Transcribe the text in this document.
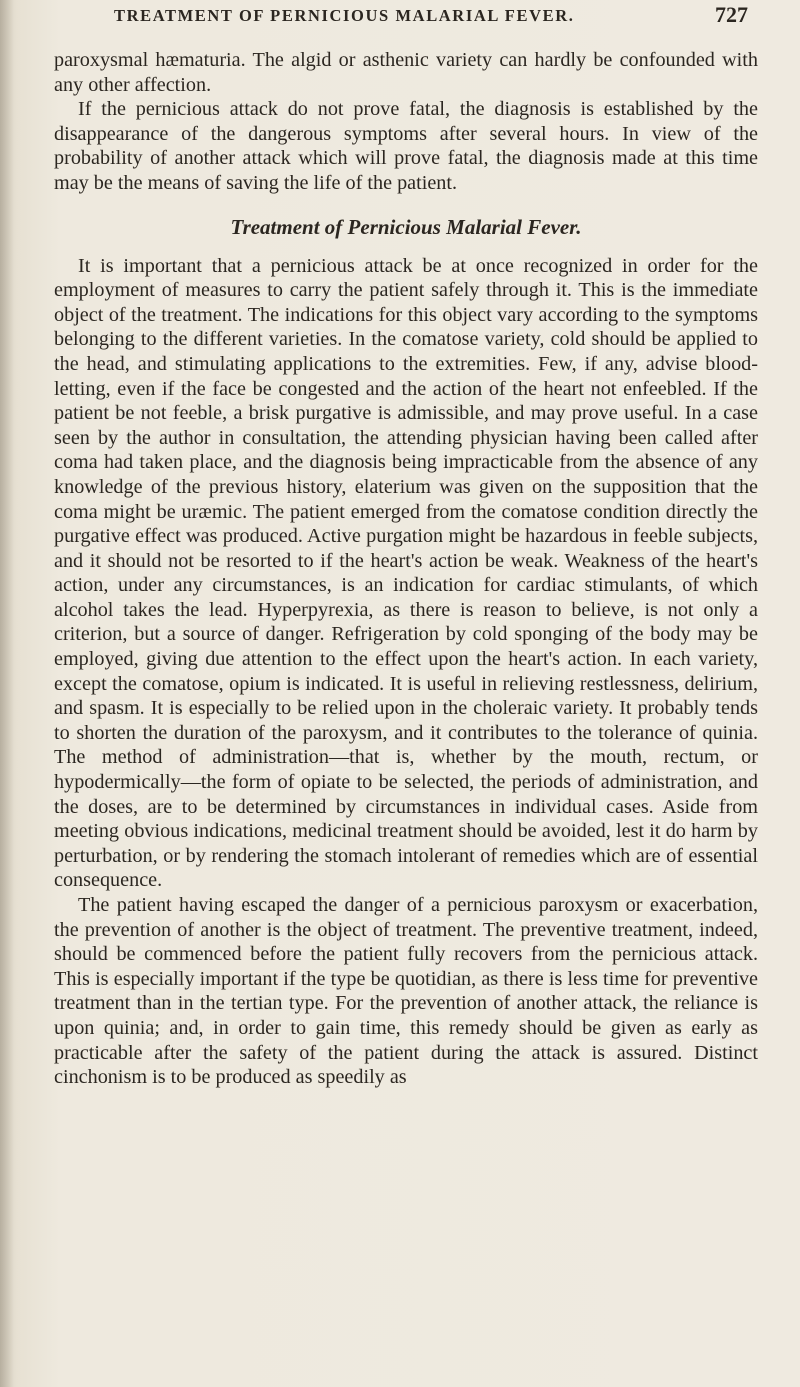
TREATMENT OF PERNICIOUS MALARIAL FEVER.	727

paroxysmal hæmaturia. The algid or asthenic variety can hardly be confounded with any other affection.

If the pernicious attack do not prove fatal, the diagnosis is established by the disappearance of the dangerous symptoms after several hours. In view of the probability of another attack which will prove fatal, the diagnosis made at this time may be the means of saving the life of the patient.

Treatment of Pernicious Malarial Fever.

It is important that a pernicious attack be at once recognized in order for the employment of measures to carry the patient safely through it. This is the immediate object of the treatment. The indications for this object vary according to the symptoms belonging to the different varieties. In the comatose variety, cold should be applied to the head, and stimulating applications to the extremities. Few, if any, advise blood-letting, even if the face be congested and the action of the heart not enfeebled. If the patient be not feeble, a brisk purgative is admissible, and may prove useful. In a case seen by the author in consultation, the attending physician having been called after coma had taken place, and the diagnosis being impracticable from the absence of any knowledge of the previous history, elaterium was given on the supposition that the coma might be uræmic. The patient emerged from the comatose condition directly the purgative effect was produced. Active purgation might be hazardous in feeble subjects, and it should not be resorted to if the heart's action be weak. Weakness of the heart's action, under any circumstances, is an indication for cardiac stimulants, of which alcohol takes the lead. Hyperpyrexia, as there is reason to believe, is not only a criterion, but a source of danger. Refrigeration by cold sponging of the body may be employed, giving due attention to the effect upon the heart's action. In each variety, except the comatose, opium is indicated. It is useful in relieving restlessness, delirium, and spasm. It is especially to be relied upon in the choleraic variety. It probably tends to shorten the duration of the paroxysm, and it contributes to the tolerance of quinia. The method of administration—that is, whether by the mouth, rectum, or hypodermically—the form of opiate to be selected, the periods of administration, and the doses, are to be determined by circumstances in individual cases. Aside from meeting obvious indications, medicinal treatment should be avoided, lest it do harm by perturbation, or by rendering the stomach intolerant of remedies which are of essential consequence.

The patient having escaped the danger of a pernicious paroxysm or exacerbation, the prevention of another is the object of treatment. The preventive treatment, indeed, should be commenced before the patient fully recovers from the pernicious attack. This is especially important if the type be quotidian, as there is less time for preventive treatment than in the tertian type. For the prevention of another attack, the reliance is upon quinia; and, in order to gain time, this remedy should be given as early as practicable after the safety of the patient during the attack is assured. Distinct cinchonism is to be produced as speedily as
